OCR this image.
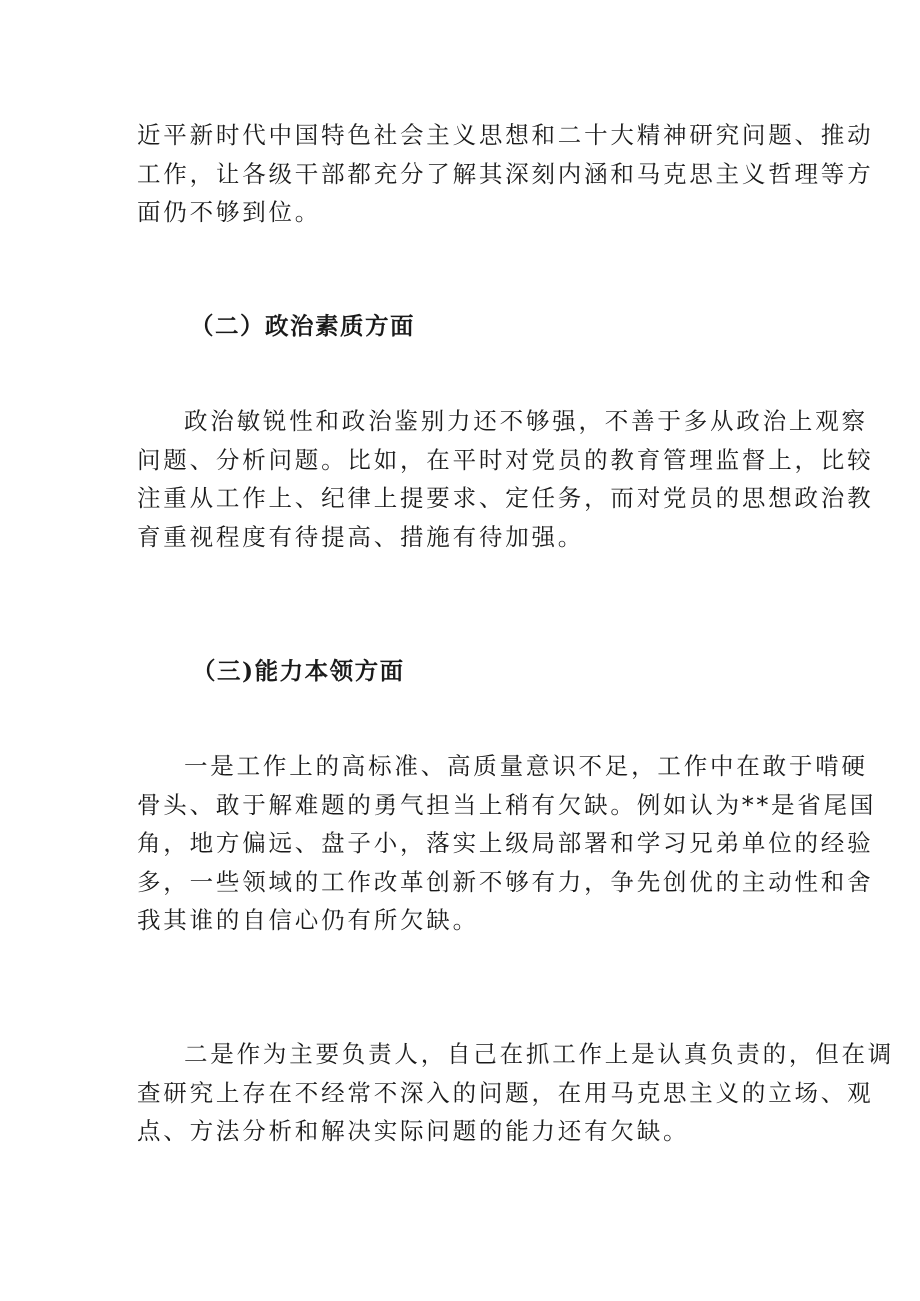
近平新时代中国特色社会主义思想和二十大精神研究问题、推动
工作，让各级干部都充分了解其深刻内涵和马克思主义哲理等方
面仍不够到位。

（二）政治素质方面

政治敏锐性和政治鉴别力还不够强，不善于多从政治上观察
问题、分析问题。比如，在平时对党员的教育管理监督上，比较
注重从工作上、纪律上提要求、定任务，而对党员的思想政治教
育重视程度有待提高、措施有待加强。

（三)能力本领方面

一是工作上的高标准、高质量意识不足，工作中在敢于啃硬
骨头、敢于解难题的勇气担当上稍有欠缺。例如认为**是省尾国
角，地方偏远、盘子小，落实上级局部署和学习兄弟单位的经验
多，一些领域的工作改革创新不够有力，争先创优的主动性和舍
我其谁的自信心仍有所欠缺。

二是作为主要负责人，自己在抓工作上是认真负责的，但在调
查研究上存在不经常不深入的问题，在用马克思主义的立场、观
点、方法分析和解决实际问题的能力还有欠缺。
